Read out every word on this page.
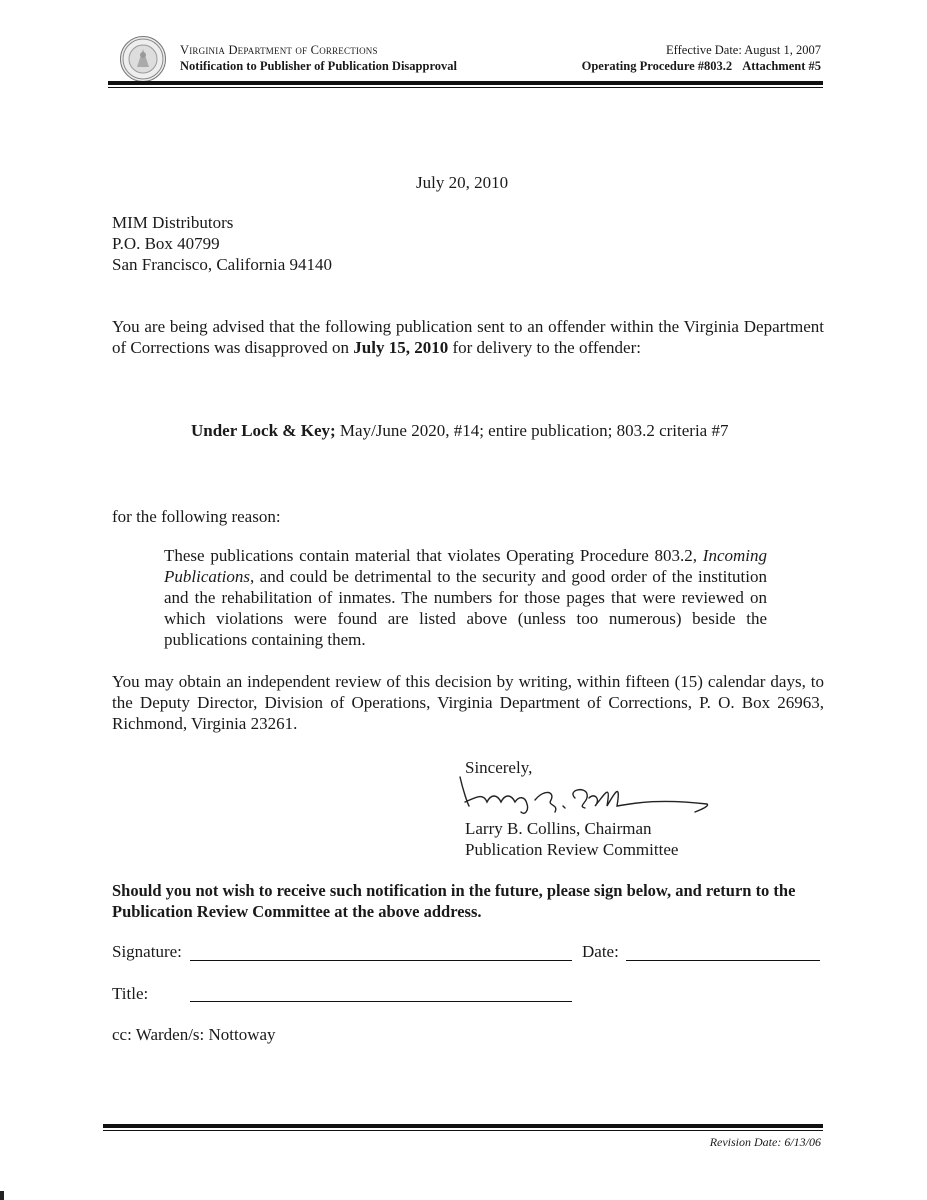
Virginia Department of Corrections
Notification to Publisher of Publication Disapproval
Effective Date: August 1, 2007
Operating Procedure #803.2 Attachment #5
July 20, 2010
MIM Distributors
P.O. Box 40799
San Francisco, California 94140
You are being advised that the following publication sent to an offender within the Virginia Department of Corrections was disapproved on July 15, 2010 for delivery to the offender:
Under Lock & Key; May/June 2020, #14; entire publication; 803.2 criteria #7
for the following reason:
These publications contain material that violates Operating Procedure 803.2, Incoming Publications, and could be detrimental to the security and good order of the institution and the rehabilitation of inmates. The numbers for those pages that were reviewed on which violations were found are listed above (unless too numerous) beside the publications containing them.
You may obtain an independent review of this decision by writing, within fifteen (15) calendar days, to the Deputy Director, Division of Operations, Virginia Department of Corrections, P. O. Box 26963, Richmond, Virginia 23261.
Sincerely,
Larry B. Collins, Chairman
Publication Review Committee
Should you not wish to receive such notification in the future, please sign below, and return to the Publication Review Committee at the above address.
Signature:	Date:
Title:
cc: Warden/s: Nottoway
Revision Date: 6/13/06
